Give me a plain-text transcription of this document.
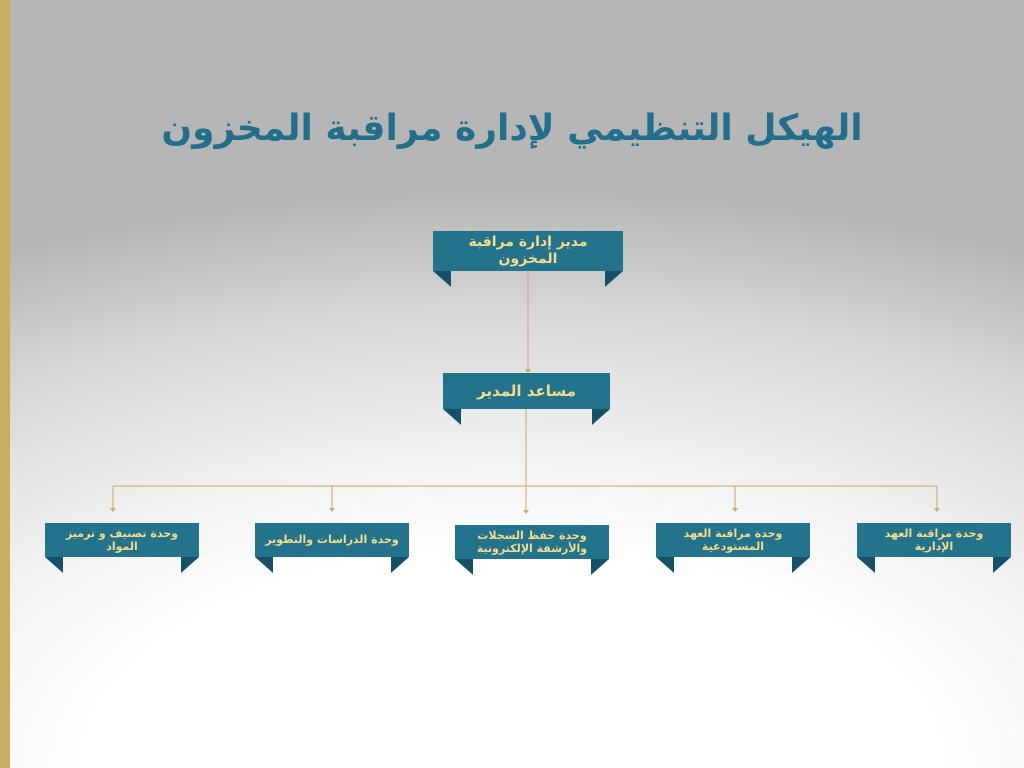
الهيكل التنظيمي لإدارة مراقبة المخزون
مدير إدارة مراقبة المخزون
مساعد المدير
وحدة مراقبة العهد الإدارية
وحدة مراقبة العهد المستودعية
وحدة حفظ السجلات والأرشفة الإلكترونية
وحدة الدراسات والتطوير
وحدة تصنيف و ترميز المواد
